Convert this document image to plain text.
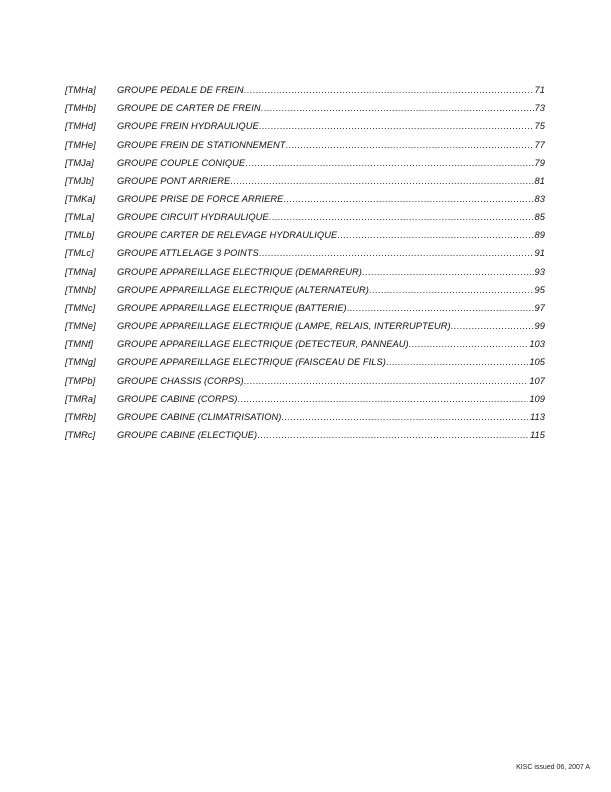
[TMHa]	GROUPE PEDALE DE FREIN .....	71
[TMHb]	GROUPE DE CARTER DE FREIN .....	73
[TMHd]	GROUPE FREIN HYDRAULIQUE .....	75
[TMHe]	GROUPE FREIN DE STATIONNEMENT .....	77
[TMJa]	GROUPE COUPLE CONIQUE .....	79
[TMJb]	GROUPE PONT ARRIERE .....	81
[TMKa]	GROUPE PRISE DE FORCE ARRIERE .....	83
[TMLa]	GROUPE CIRCUIT HYDRAULIQUE .....	85
[TMLb]	GROUPE CARTER DE RELEVAGE HYDRAULIQUE .....	89
[TMLc]	GROUPE ATTLELAGE 3 POINTS .....	91
[TMNa]	GROUPE APPAREILLAGE ELECTRIQUE (DEMARREUR) .....	93
[TMNb]	GROUPE APPAREILLAGE ELECTRIQUE (ALTERNATEUR) .....	95
[TMNc]	GROUPE APPAREILLAGE ELECTRIQUE (BATTERIE) .....	97
[TMNe]	GROUPE APPAREILLAGE ELECTRIQUE (LAMPE, RELAIS, INTERRUPTEUR) .....	99
[TMNf]	GROUPE APPAREILLAGE ELECTRIQUE (DETECTEUR, PANNEAU) .....	103
[TMNg]	GROUPE APPAREILLAGE ELECTRIQUE (FAISCEAU DE FILS) .....	105
[TMPb]	GROUPE CHASSIS (CORPS) .....	107
[TMRa]	GROUPE CABINE (CORPS) .....	109
[TMRb]	GROUPE CABINE (CLIMATRISATION) .....	113
[TMRc]	GROUPE CABINE (ELECTIQUE) .....	115
KISC issued 06, 2007 A
